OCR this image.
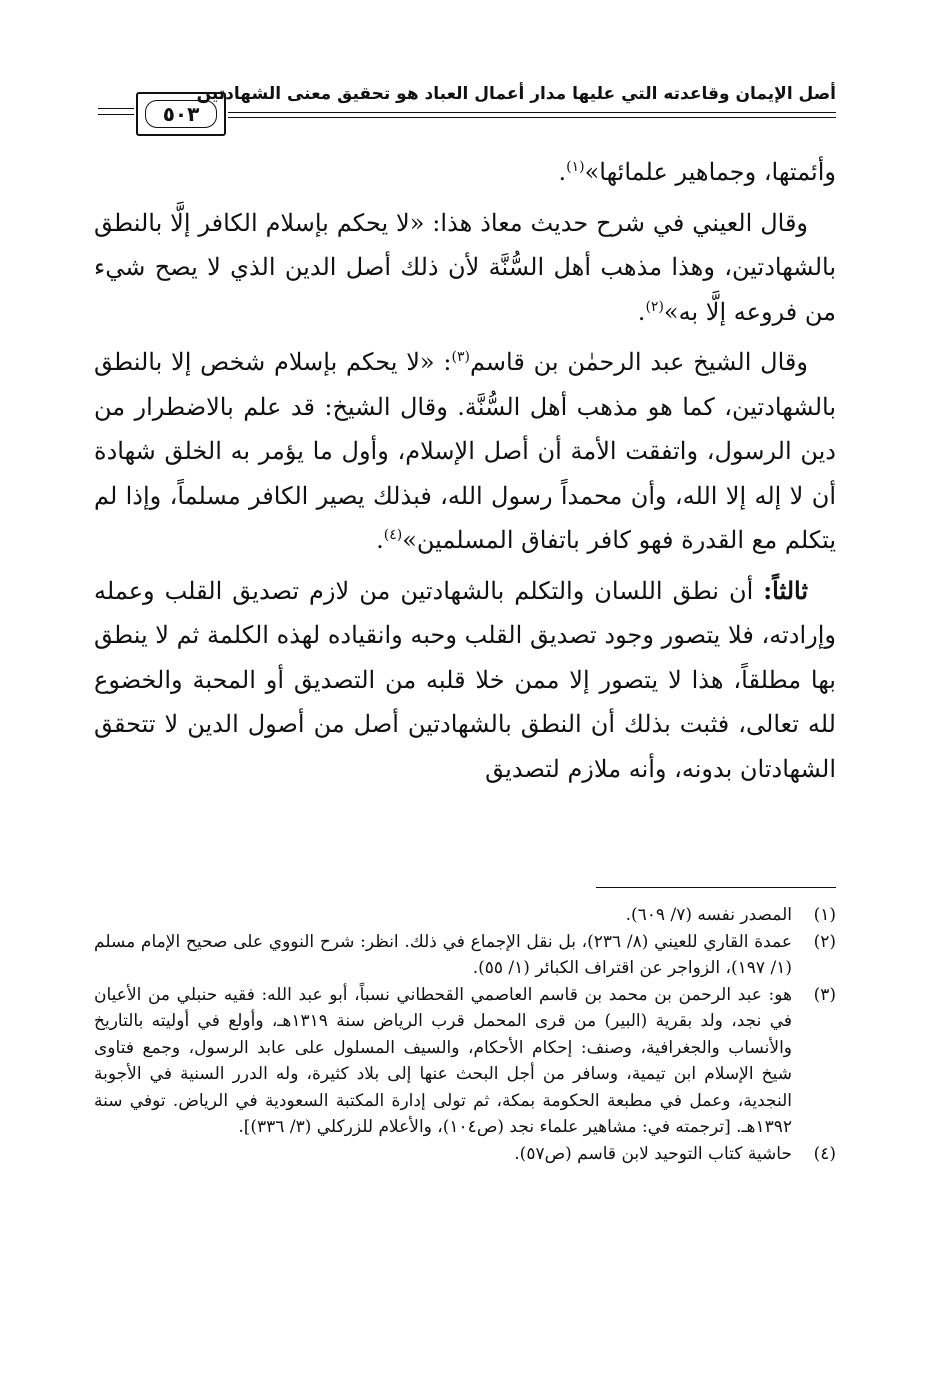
أصل الإيمان وقاعدته التي عليها مدار أعمال العباد هو تحقيق معنى الشهادتين
٥٠٣

وأئمتها، وجماهير علمائها»$^{(١)}$.

وقال العيني في شرح حديث معاذ هذا: «لا يحكم بإسلام الكافر إلَّا بالنطق بالشهادتين، وهذا مذهب أهل السُّنَّة لأن ذلك أصل الدين الذي لا يصح شيء من فروعه إلَّا به»$^{(٢)}$.

وقال الشيخ عبد الرحمٰن بن قاسم$^{(٣)}$: «لا يحكم بإسلام شخص إلا بالنطق بالشهادتين، كما هو مذهب أهل السُّنَّة. وقال الشيخ: قد علم بالاضطرار من دين الرسول، واتفقت الأمة أن أصل الإسلام، وأول ما يؤمر به الخلق شهادة أن لا إله إلا الله، وأن محمداً رسول الله، فبذلك يصير الكافر مسلماً، وإذا لم يتكلم مع القدرة فهو كافر باتفاق المسلمين»$^{(٤)}$.

ثالثاً: أن نطق اللسان والتكلم بالشهادتين من لازم تصديق القلب وعمله وإرادته، فلا يتصور وجود تصديق القلب وحبه وانقياده لهذه الكلمة ثم لا ينطق بها مطلقاً، هذا لا يتصور إلا ممن خلا قلبه من التصديق أو المحبة والخضوع لله تعالى، فثبت بذلك أن النطق بالشهادتين أصل من أصول الدين لا تتحقق الشهادتان بدونه، وأنه ملازم لتصديق

(١)
المصدر نفسه (٧/ ٦٠٩).
(٢)
عمدة القاري للعيني (٨/ ٢٣٦)، بل نقل الإجماع في ذلك. انظر: شرح النووي على صحيح الإمام مسلم (١/ ١٩٧)، الزواجر عن اقتراف الكبائر (١/ ٥٥).
(٣)
هو: عبد الرحمن بن محمد بن قاسم العاصمي القحطاني نسباً، أبو عبد الله: فقيه حنبلي من الأعيان في نجد، ولد بقرية (البير) من قرى المحمل قرب الرياض سنة ١٣١٩هـ، وأولع في أوليته بالتاريخ والأنساب والجغرافية، وصنف: إحكام الأحكام، والسيف المسلول على عابد الرسول، وجمع فتاوى شيخ الإسلام ابن تيمية، وسافر من أجل البحث عنها إلى بلاد كثيرة، وله الدرر السنية في الأجوبة النجدية، وعمل في مطبعة الحكومة بمكة، ثم تولى إدارة المكتبة السعودية في الرياض. توفي سنة ١٣٩٢هـ. [ترجمته في: مشاهير علماء نجد (ص١٠٤)، والأعلام للزركلي (٣/ ٣٣٦)].
(٤)
حاشية كتاب التوحيد لابن قاسم (ص٥٧).
